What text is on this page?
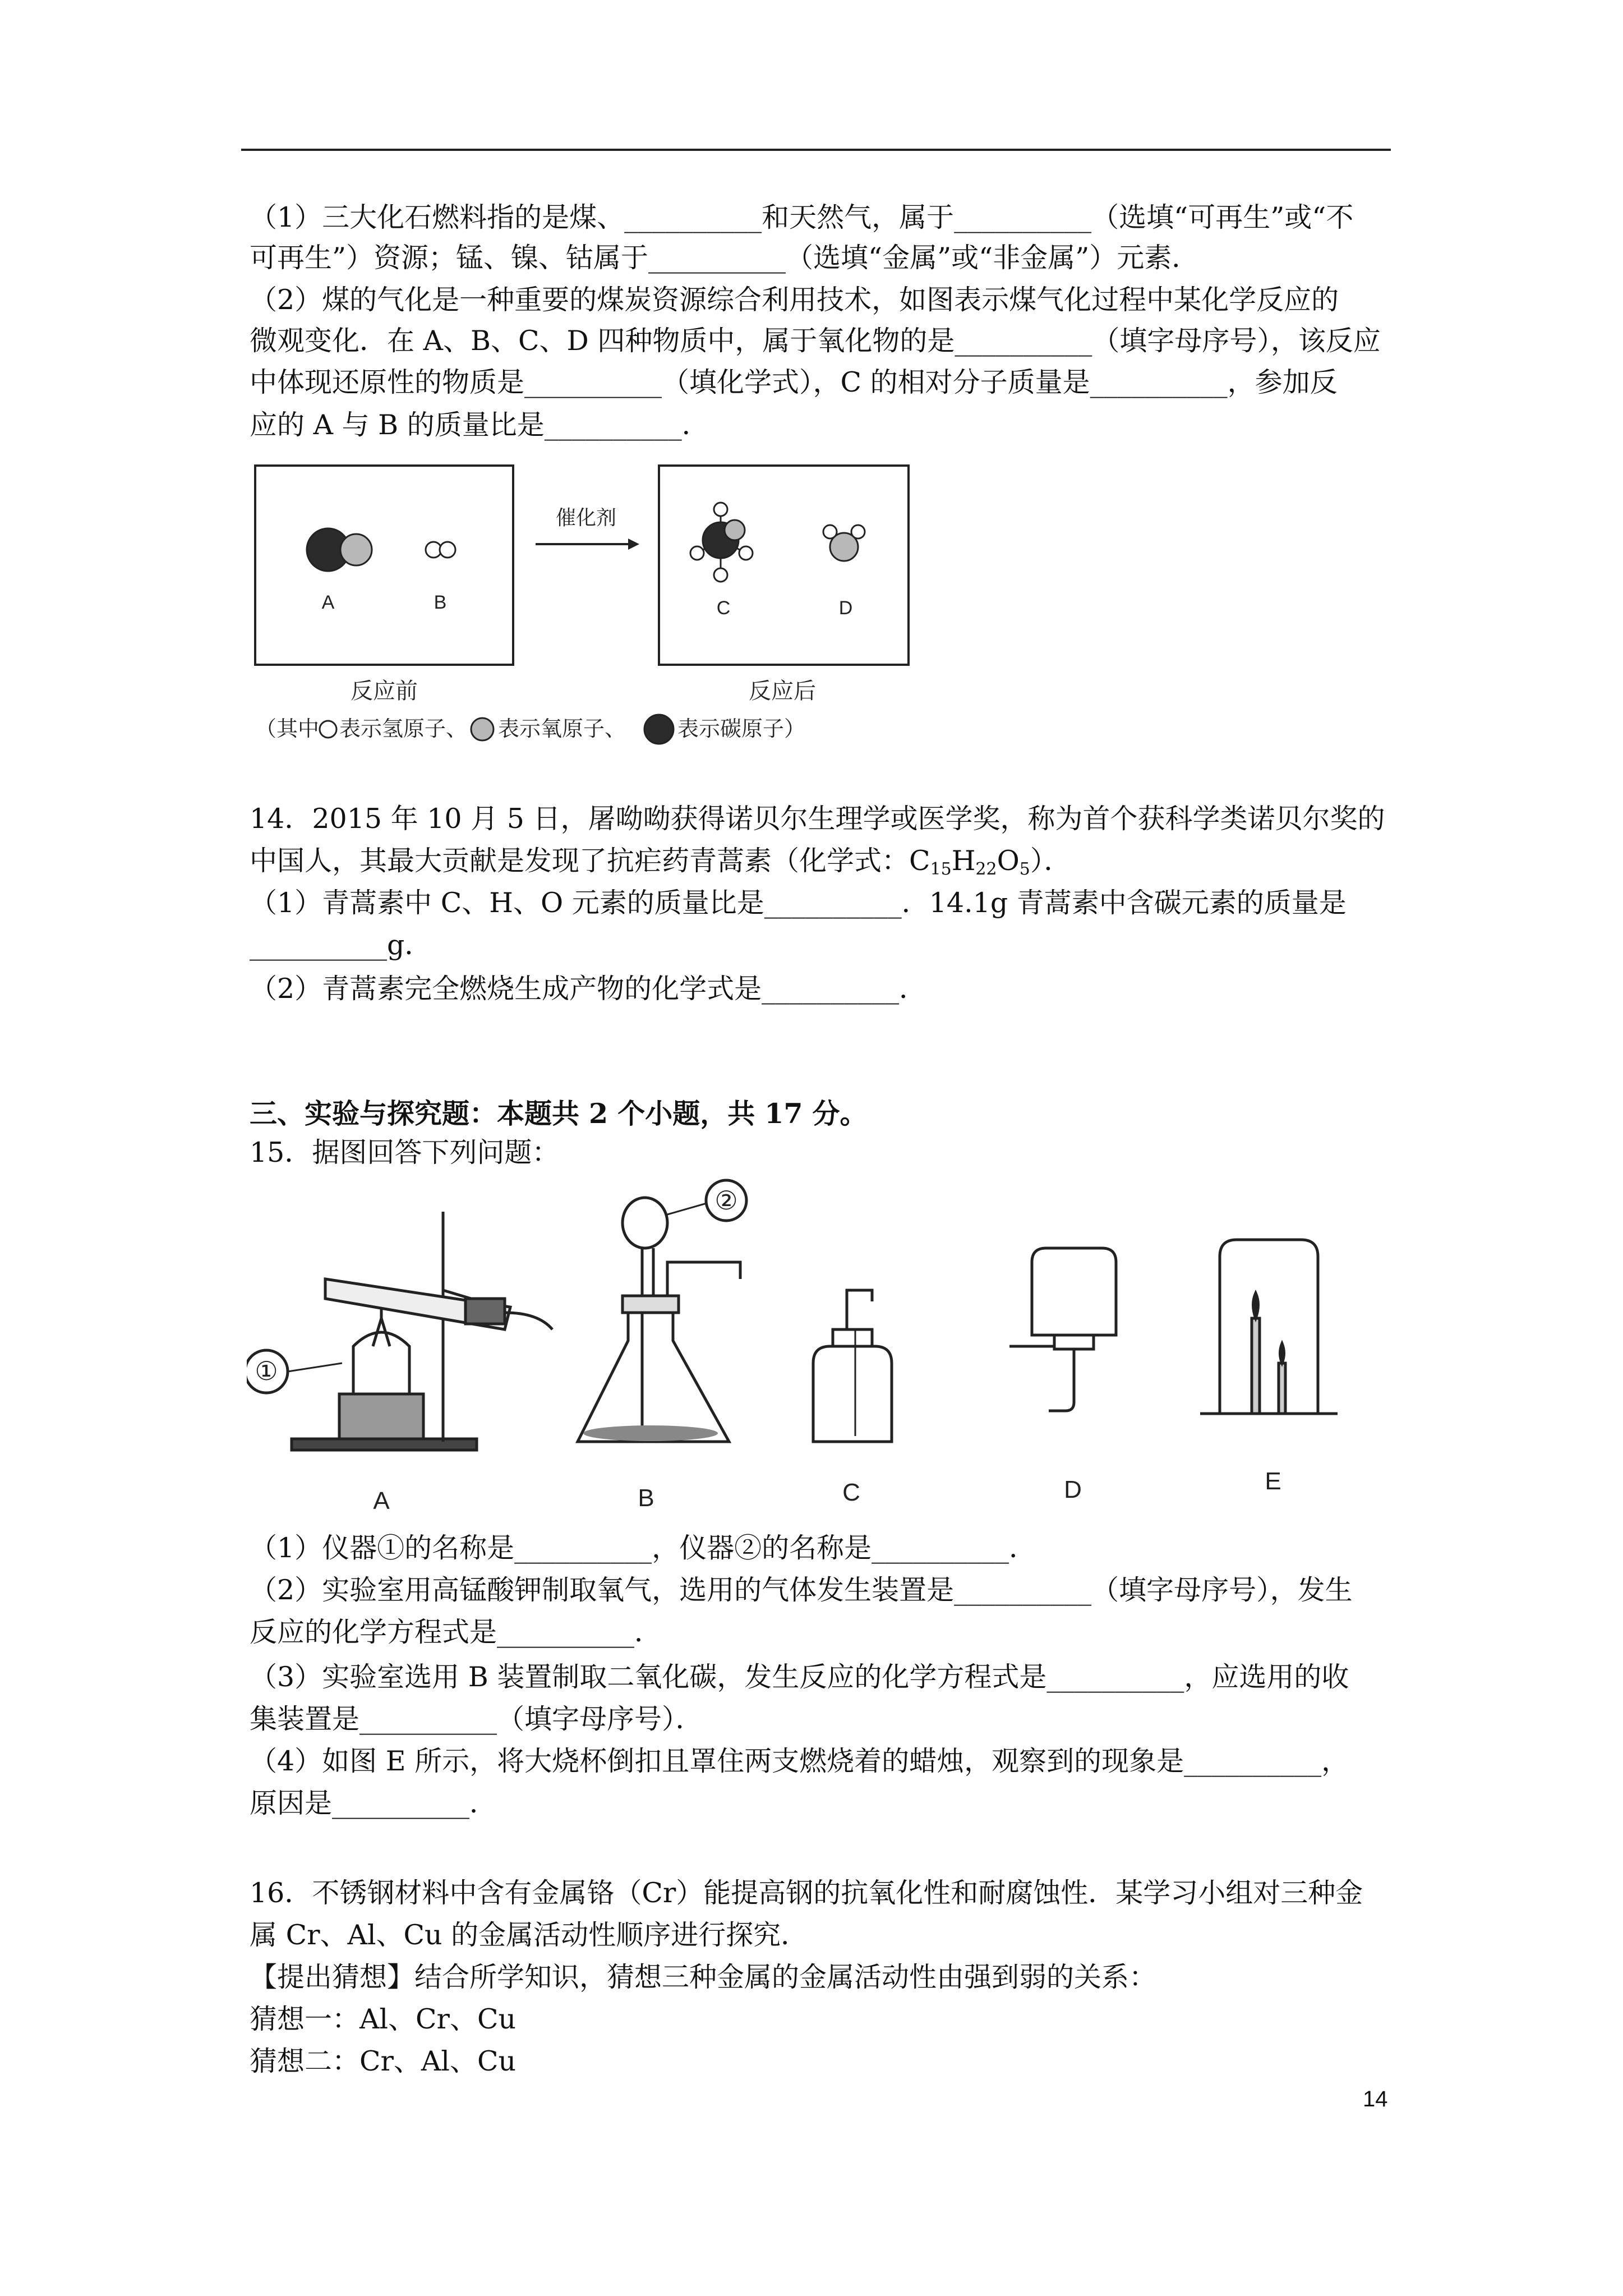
（1）三大化石燃料指的是煤、__________和天然气，属于__________（选填“可再生”或“不
可再生”）资源；锰、镍、钴属于__________（选填“金属”或“非金属”）元素．
（2）煤的气化是一种重要的煤炭资源综合利用技术，如图表示煤气化过程中某化学反应的
微观变化．在 A、B、C、D 四种物质中，属于氧化物的是__________（填字母序号），该反应
中体现还原性的物质是__________（填化学式），C 的相对分子质量是__________，参加反
应的 A 与 B 的质量比是__________．
A	B
催化剂
C	D
反应前	反应后
（其中 表示氢原子、 表示氧原子、 表示碳原子）
14．2015 年 10 月 5 日，屠呦呦获得诺贝尔生理学或医学奖，称为首个获科学类诺贝尔奖的
中国人，其最大贡献是发现了抗疟药青蒿素（化学式：$C_{15}H_{22}O_5$）．
（1）青蒿素中 C、H、O 元素的质量比是__________．14.1g 青蒿素中含碳元素的质量是
__________g．
（2）青蒿素完全燃烧生成产物的化学式是__________．
三、实验与探究题：本题共 2 个小题，共 17 分。
15．据图回答下列问题：
①
②
A	B	C	D	E
（1）仪器①的名称是__________，仪器②的名称是__________．
（2）实验室用高锰酸钾制取氧气，选用的气体发生装置是__________（填字母序号），发生
反应的化学方程式是__________．
（3）实验室选用 B 装置制取二氧化碳，发生反应的化学方程式是__________，应选用的收
集装置是__________（填字母序号）．
（4）如图 E 所示，将大烧杯倒扣且罩住两支燃烧着的蜡烛，观察到的现象是__________，
原因是__________．
16．不锈钢材料中含有金属铬（Cr）能提高钢的抗氧化性和耐腐蚀性．某学习小组对三种金
属 Cr、Al、Cu 的金属活动性顺序进行探究．
【提出猜想】结合所学知识，猜想三种金属的金属活动性由强到弱的关系：
猜想一：Al、Cr、Cu
猜想二：Cr、Al、Cu
14
